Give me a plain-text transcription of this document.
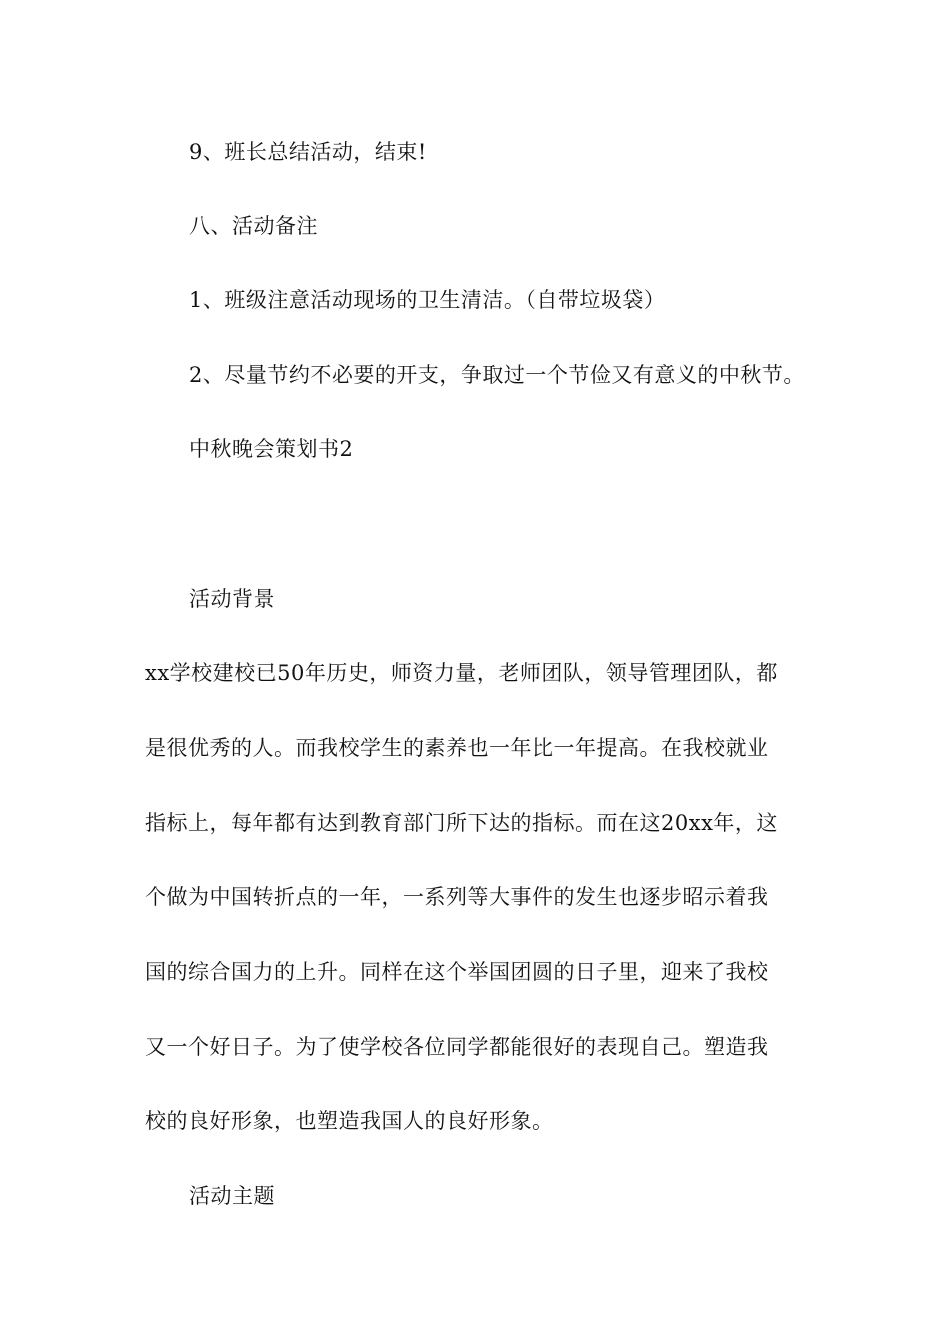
9、班长总结活动，结束!
八、活动备注
1、班级注意活动现场的卫生清洁。（自带垃圾袋）
2、尽量节约不必要的开支，争取过一个节俭又有意义的中秋节。
中秋晚会策划书2
活动背景
xx学校建校已50年历史，师资力量，老师团队，领导管理团队，都
是很优秀的人。而我校学生的素养也一年比一年提高。在我校就业
指标上，每年都有达到教育部门所下达的指标。而在这20xx年，这
个做为中国转折点的一年，一系列等大事件的发生也逐步昭示着我
国的综合国力的上升。同样在这个举国团圆的日子里，迎来了我校
又一个好日子。为了使学校各位同学都能很好的表现自己。塑造我
校的良好形象，也塑造我国人的良好形象。
活动主题
